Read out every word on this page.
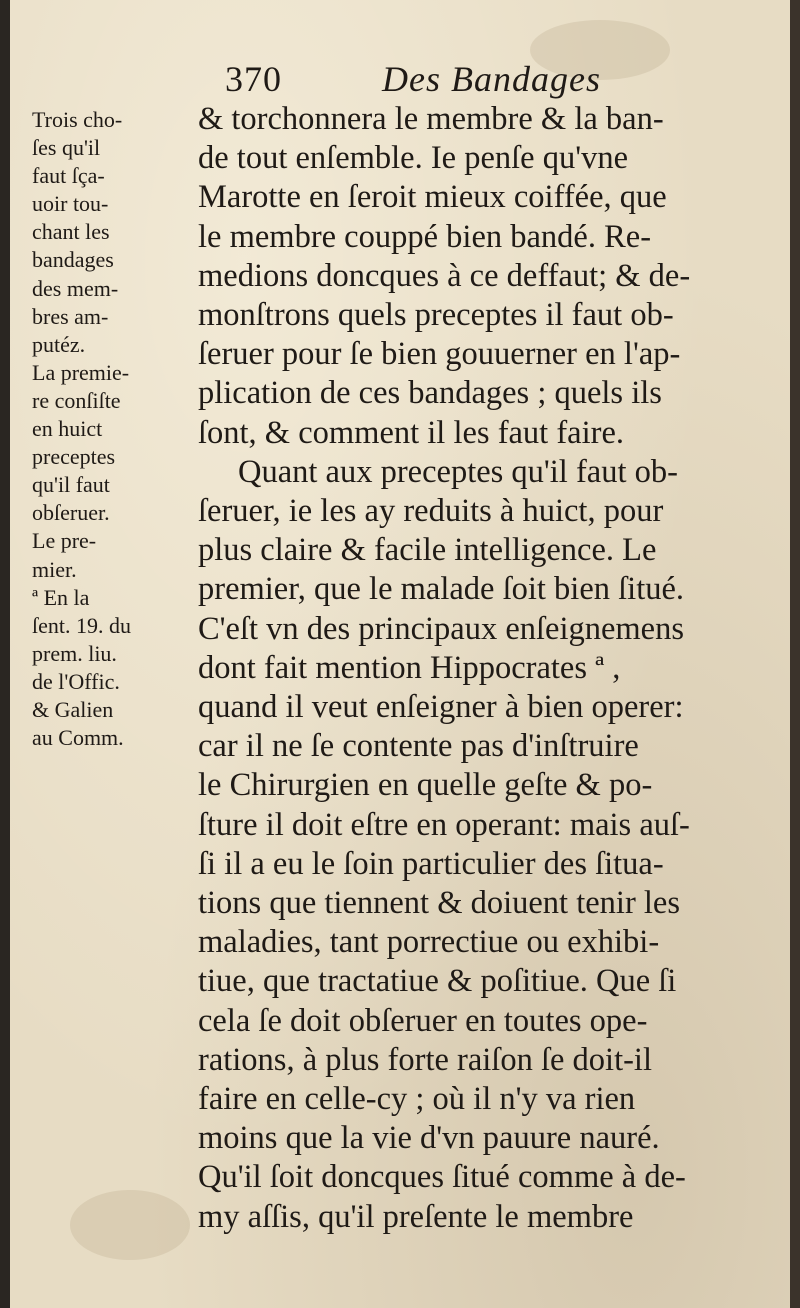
370	Des Bandages
Trois cho-
ſes qu'il
faut ſça-
uoir tou-
chant les
bandages
des mem-
bres am-
putéz.
La premie-
re conſiſte
en huict
preceptes
qu'il faut
obſeruer.
Le pre-
mier.
ª En la
ſent. 19. du
prem. liu.
de l'Offic.
& Galien
au Comm.
& torchonnera le membre & la ban-
de tout enſemble. Ie penſe qu'vne
Marotte en ſeroit mieux coiffée, que
le membre couppé bien bandé. Re-
medions doncques à ce deffaut; & de-
monſtrons quels preceptes il faut ob-
ſeruer pour ſe bien gouuerner en l'ap-
plication de ces bandages ; quels ils
ſont, & comment il les faut faire.
Quant aux preceptes qu'il faut ob-
ſeruer, ie les ay reduits à huict, pour
plus claire & facile intelligence. Le
premier, que le malade ſoit bien ſitué.
C'eſt vn des principaux enſeignemens
dont fait mention Hippocrates ª ,
quand il veut enſeigner à bien operer:
car il ne ſe contente pas d'inſtruire
le Chirurgien en quelle geſte & po-
ſture il doit eſtre en operant: mais auſ-
ſi il a eu le ſoin particulier des ſitua-
tions que tiennent & doiuent tenir les
maladies, tant porrectiue ou exhibi-
tiue, que tractatiue & poſitiue. Que ſi
cela ſe doit obſeruer en toutes ope-
rations, à plus forte raiſon ſe doit-il
faire en celle-cy ; où il n'y va rien
moins que la vie d'vn pauure nauré.
Qu'il ſoit doncques ſitué comme à de-
my aſſis, qu'il preſente le membre
